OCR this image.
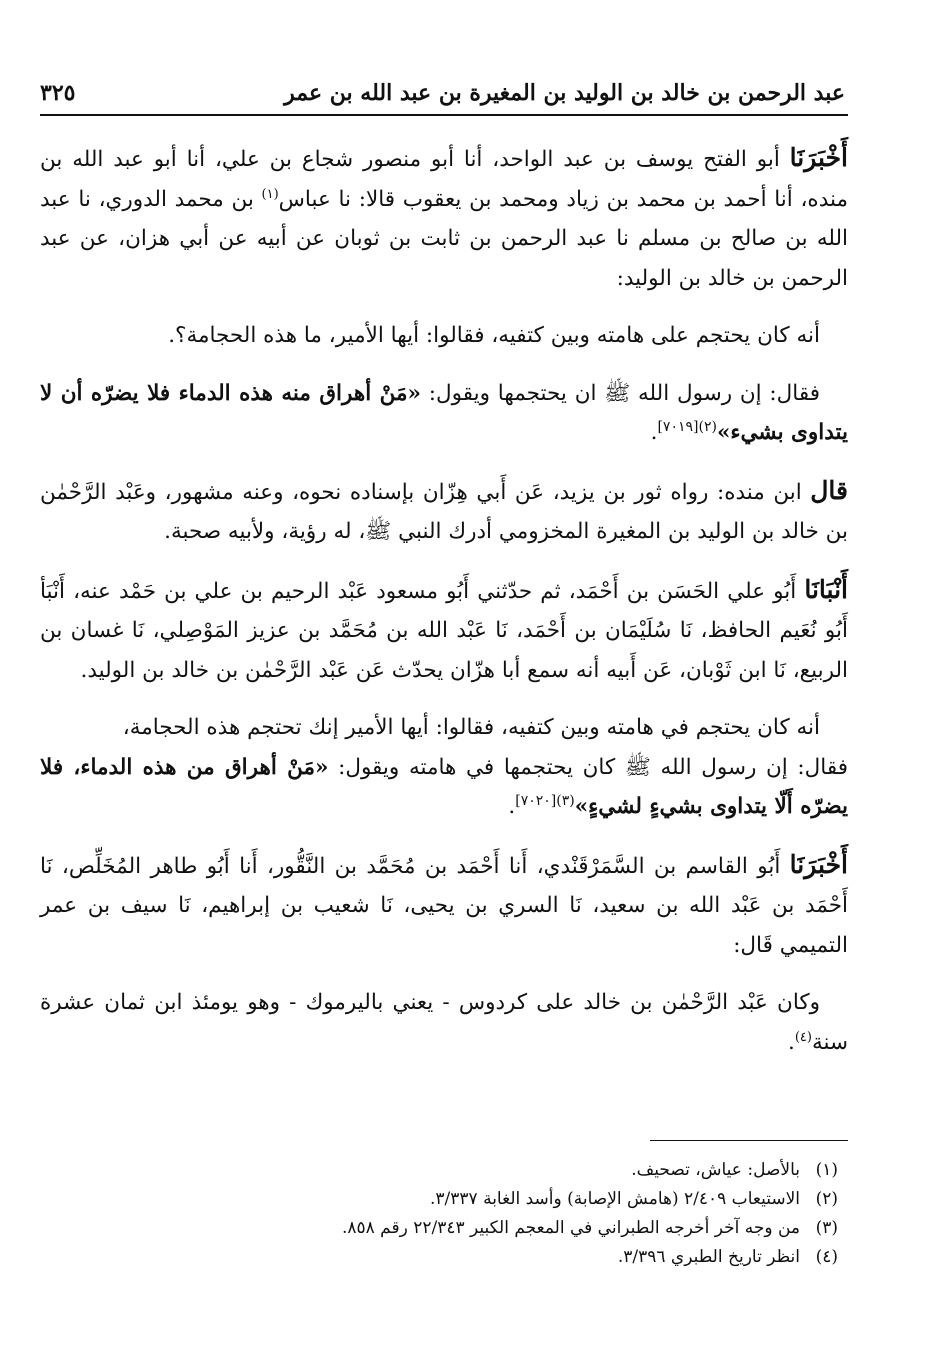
عبد الرحمن بن خالد بن الوليد بن المغيرة بن عبد الله بن عمر
٣٢٥

أَخْبَرَنَا أبو الفتح يوسف بن عبد الواحد، أنا أبو منصور شجاع بن علي، أنا أبو عبد الله بن منده، أنا أحمد بن محمد بن زياد ومحمد بن يعقوب قالا: نا عباس$^{(١)}$ بن محمد الدوري، نا عبد الله بن صالح بن مسلم نا عبد الرحمن بن ثابت بن ثوبان عن أبيه عن أبي هزان، عن عبد الرحمن بن خالد بن الوليد:

أنه كان يحتجم على هامته وبين كتفيه، فقالوا: أيها الأمير، ما هذه الحجامة؟.

فقال: إن رسول الله ﷺ ان يحتجمها ويقول: «مَنْ أهراق منه هذه الدماء فلا يضرّه أن لا يتداوى بشيء»$^{(٢)[٧٠١٩]}$.

قال ابن منده: رواه ثور بن يزيد، عَن أَبي هِزّان بإسناده نحوه، وعنه مشهور، وعَبْد الرَّحْمٰن بن خالد بن الوليد بن المغيرة المخزومي أدرك النبي ﷺ، له رؤية، ولأبيه صحبة.

أَنْبَانَا أَبُو علي الحَسَن بن أَحْمَد، ثم حدّثني أَبُو مسعود عَبْد الرحيم بن علي بن حَمْد عنه، أَنْبَأ أَبُو نُعَيم الحافظ، نَا سُلَيْمَان بن أَحْمَد، نَا عَبْد الله بن مُحَمَّد بن عزيز المَوْصِلي، نَا غسان بن الربيع، نَا ابن ثَوْبان، عَن أَبيه أنه سمع أبا هزّان يحدّث عَن عَبْد الرَّحْمٰن بن خالد بن الوليد.

أنه كان يحتجم في هامته وبين كتفيه، فقالوا: أيها الأمير إنك تحتجم هذه الحجامة،

فقال: إن رسول الله ﷺ كان يحتجمها في هامته ويقول: «مَنْ أهراق من هذه الدماء، فلا يضرّه أَلّا يتداوى بشيءٍ لشيءٍ»$^{(٣)[٧٠٢٠]}$.

أَخْبَرَنَا أَبُو القاسم بن السَّمَرْقَنْدي، أَنا أَحْمَد بن مُحَمَّد بن النَّقُّور، أَنا أَبُو طاهر المُخَلِّص، نَا أَحْمَد بن عَبْد الله بن سعيد، نَا السري بن يحيى، نَا شعيب بن إبراهيم، نَا سيف بن عمر التميمي قَال:

وكان عَبْد الرَّحْمٰن بن خالد على كردوس - يعني باليرموك - وهو يومئذ ابن ثمان عشرة سنة$^{(٤)}$.

(١)
بالأصل: عياش، تصحيف.
(٢)
الاستيعاب ٢/٤٠٩ (هامش الإصابة) وأسد الغابة ٣/٣٣٧.
(٣)
من وجه آخر أخرجه الطبراني في المعجم الكبير ٢٢/٣٤٣ رقم ٨٥٨.
(٤)
انظر تاريخ الطبري ٣/٣٩٦.
